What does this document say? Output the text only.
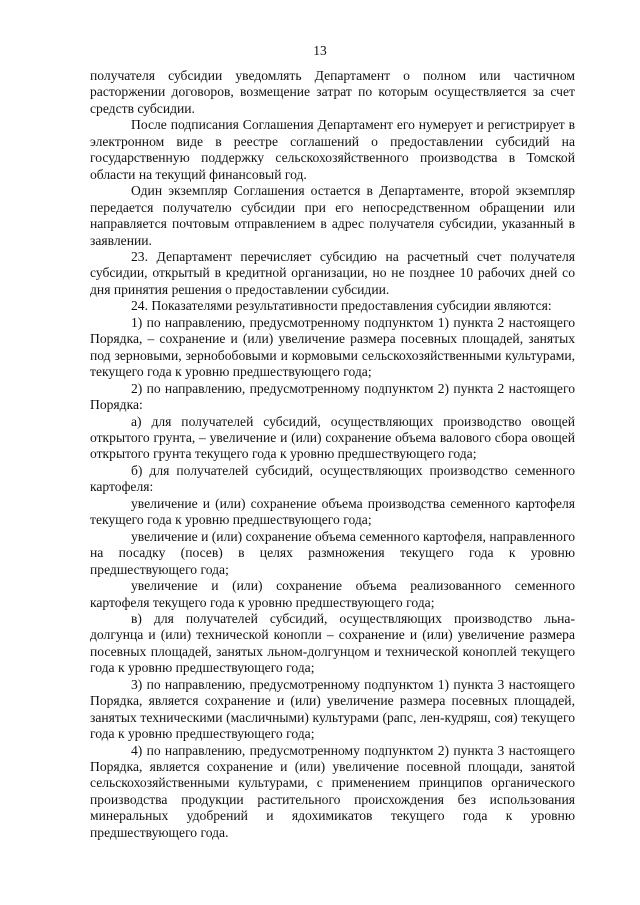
13

получателя субсидии уведомлять Департамент о полном или частичном расторжении договоров, возмещение затрат по которым осуществляется за счет средств субсидии.

После подписания Соглашения Департамент его нумерует и регистрирует в электронном виде в реестре соглашений о предоставлении субсидий на государственную поддержку сельскохозяйственного производства в Томской области на текущий финансовый год.

Один экземпляр Соглашения остается в Департаменте, второй экземпляр передается получателю субсидии при его непосредственном обращении или направляется почтовым отправлением в адрес получателя субсидии, указанный в заявлении.

23. Департамент перечисляет субсидию на расчетный счет получателя субсидии, открытый в кредитной организации, но не позднее 10 рабочих дней со дня принятия решения о предоставлении субсидии.

24. Показателями результативности предоставления субсидии являются:

1) по направлению, предусмотренному подпунктом 1) пункта 2 настоящего Порядка, – сохранение и (или) увеличение размера посевных площадей, занятых под зерновыми, зернобобовыми и кормовыми сельскохозяйственными культурами, текущего года к уровню предшествующего года;

2) по направлению, предусмотренному подпунктом 2) пункта 2 настоящего Порядка:

а) для получателей субсидий, осуществляющих производство овощей открытого грунта, – увеличение и (или) сохранение объема валового сбора овощей открытого грунта текущего года к уровню предшествующего года;

б) для получателей субсидий, осуществляющих производство семенного картофеля:

увеличение и (или) сохранение объема производства семенного картофеля текущего года к уровню предшествующего года;

увеличение и (или) сохранение объема семенного картофеля, направленного на посадку (посев) в целях размножения текущего года к уровню предшествующего года;

увеличение и (или) сохранение объема реализованного семенного картофеля текущего года к уровню предшествующего года;

в) для получателей субсидий, осуществляющих производство льна-долгунца и (или) технической конопли – сохранение и (или) увеличение размера посевных площадей, занятых льном-долгунцом и технической коноплей текущего года к уровню предшествующего года;

3) по направлению, предусмотренному подпунктом 1) пункта 3 настоящего Порядка, является сохранение и (или) увеличение размера посевных площадей, занятых техническими (масличными) культурами (рапс, лен-кудряш, соя) текущего года к уровню предшествующего года;

4) по направлению, предусмотренному подпунктом 2) пункта 3 настоящего Порядка, является сохранение и (или) увеличение посевной площади, занятой сельскохозяйственными культурами, с применением принципов органического производства продукции растительного происхождения без использования минеральных удобрений и ядохимикатов текущего года к уровню предшествующего года.
